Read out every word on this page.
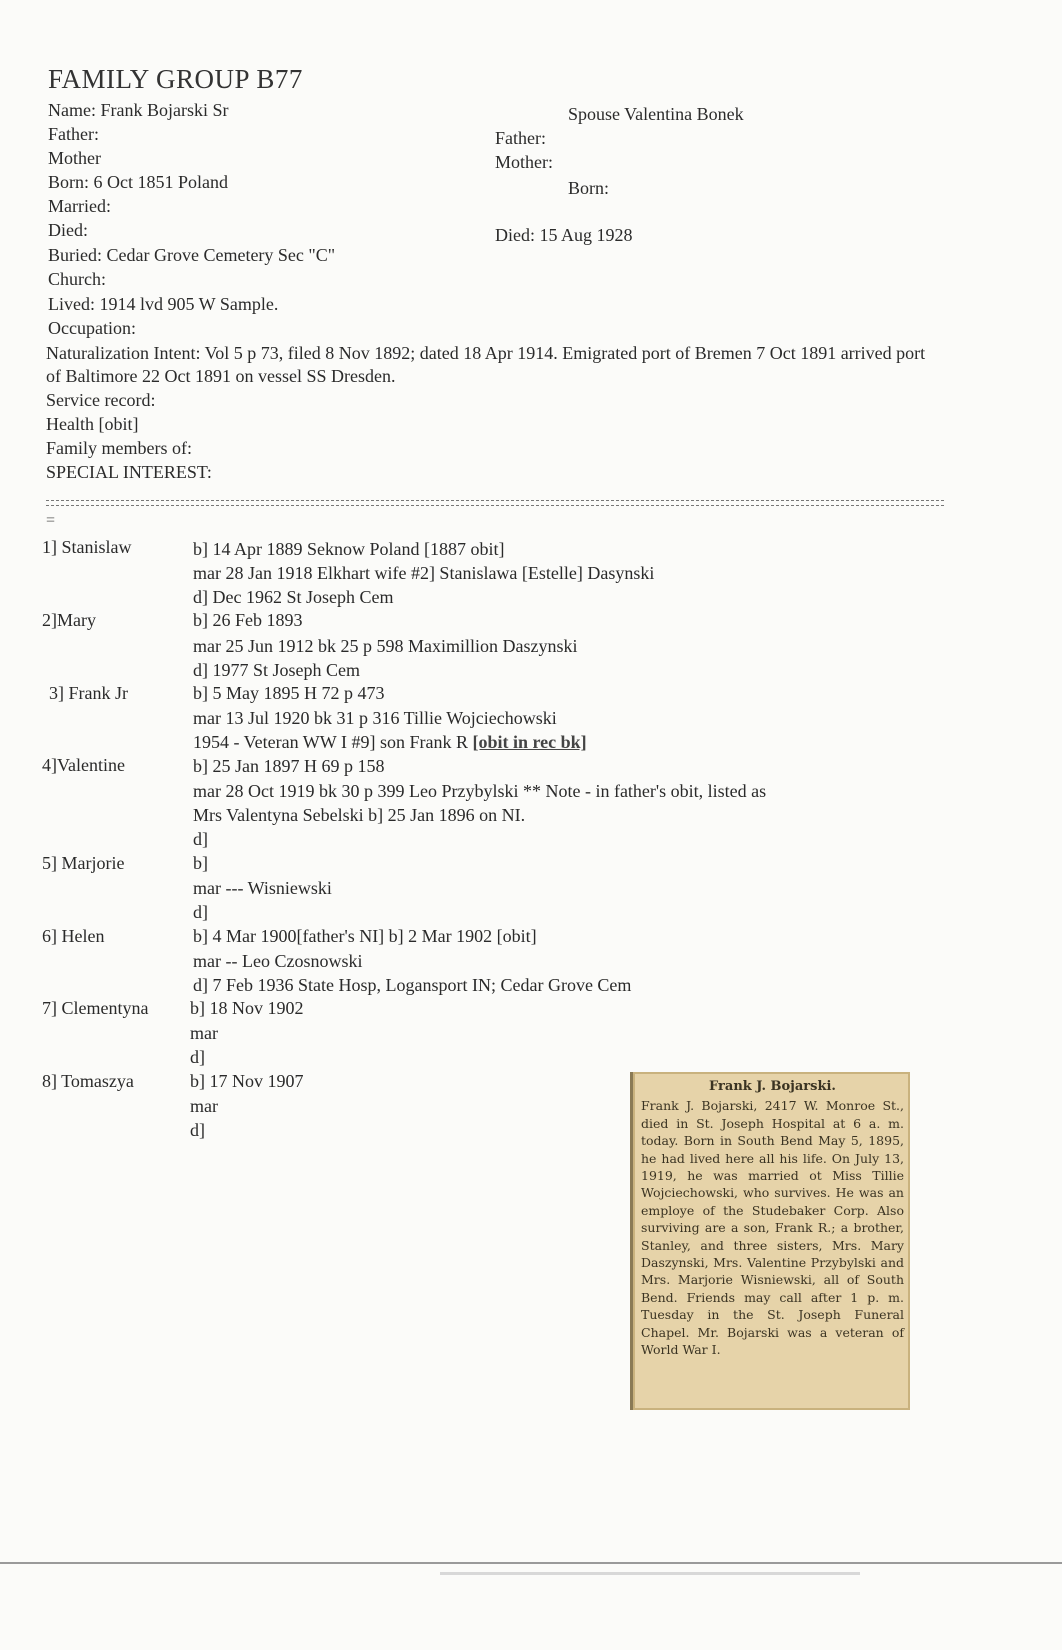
FAMILY GROUP B77
Name: Frank Bojarski Sr
Father:
Mother
Born: 6 Oct 1851 Poland
Married:
Died:
Buried: Cedar Grove Cemetery Sec "C"
Church:
Lived: 1914 lvd 905 W Sample.
Occupation:
Naturalization Intent: Vol 5 p 73, filed 8 Nov 1892; dated 18 Apr 1914. Emigrated port of Bremen 7 Oct 1891 arrived port of Baltimore 22 Oct 1891 on vessel SS Dresden.
Service record:
Health [obit]
Family members of:
SPECIAL INTEREST:
Spouse Valentina Bonek
Father:
Mother:
Born:
Died: 15 Aug 1928
=
1] Stanislaw	b] 14 Apr 1889 Seknow Poland [1887 obit]
mar 28 Jan 1918 Elkhart wife #2] Stanislawa [Estelle] Dasynski
d] Dec 1962 St Joseph Cem
2]Mary	b] 26 Feb 1893
mar 25 Jun 1912 bk 25 p 598 Maximillion Daszynski
d] 1977 St Joseph Cem
3] Frank Jr	b] 5 May 1895 H 72 p 473
mar 13 Jul 1920 bk 31 p 316 Tillie Wojciechowski
1954 - Veteran WW I #9] son Frank R [obit in rec bk]
4]Valentine	b] 25 Jan 1897 H 69 p 158
mar 28 Oct 1919 bk 30 p 399 Leo Przybylski ** Note - in father's obit, listed as
Mrs Valentyna Sebelski b] 25 Jan 1896 on NI.
d]
5] Marjorie	b]
mar --- Wisniewski
d]
6] Helen	b] 4 Mar 1900[father's NI] b] 2 Mar 1902 [obit]
mar -- Leo Czosnowski
d] 7 Feb 1936 State Hosp, Logansport IN; Cedar Grove Cem
7] Clementyna b] 18 Nov 1902
mar
d]
8] Tomaszya	b] 17 Nov 1907
mar
d]
Frank J. Bojarski.
Frank J. Bojarski, 2417 W. Monroe St., died in St. Joseph Hospital at 6 a. m. today. Born in South Bend May 5, 1895, he had lived here all his life. On July 13, 1919, he was married ot Miss Tillie Wojciechowski, who survives. He was an employe of the Studebaker Corp. Also surviving are a son, Frank R.; a brother, Stanley, and three sisters, Mrs. Mary Daszynski, Mrs. Valentine Przybylski and Mrs. Marjorie Wisniewski, all of South Bend. Friends may call after 1 p. m. Tuesday in the St. Joseph Funeral Chapel. Mr. Bojarski was a veteran of World War I.
